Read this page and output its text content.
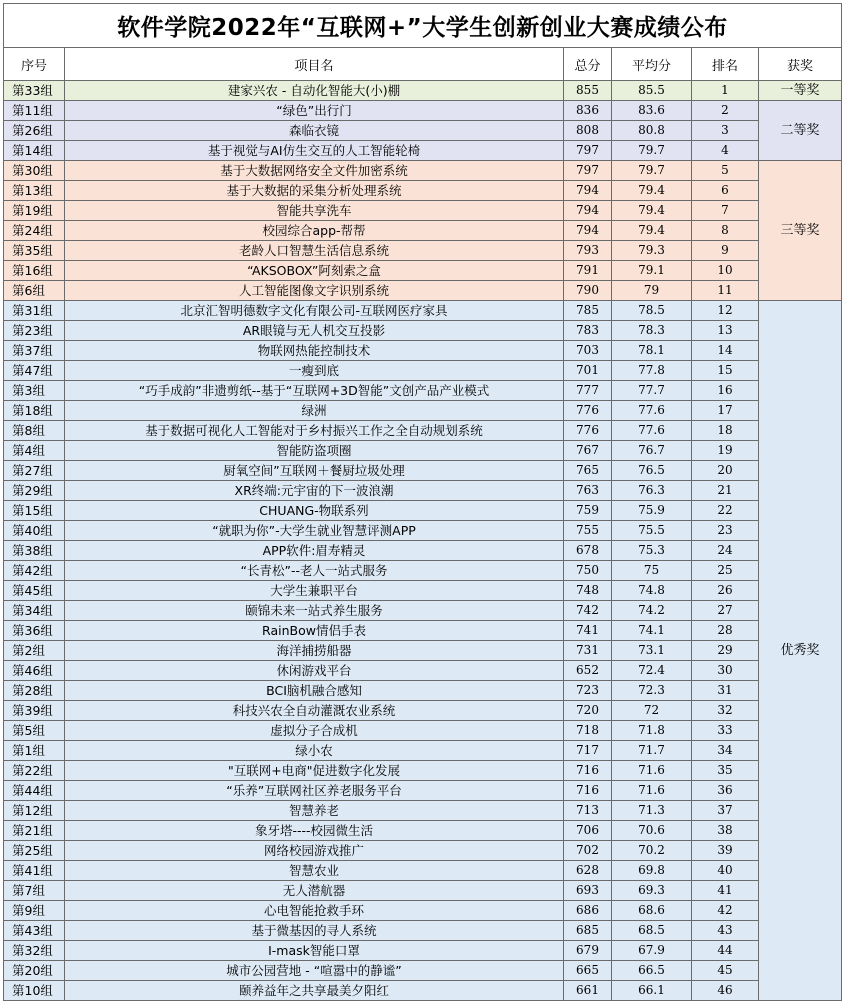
软件学院2022年“互联网+”大学生创新创业大赛成绩公布					
序号	项目名	总分	平均分	排名	获奖
第33组	建家兴农 - 自动化智能大(小)棚	855	85.5	1	一等奖
第11组	“绿色”出行门	836	83.6	2	二等奖
第26组	森临衣镜	808	80.8	3	
第14组	基于视觉与AI仿生交互的人工智能轮椅	797	79.7	4	
第30组	基于大数据网络安全文件加密系统	797	79.7	5	三等奖
第13组	基于大数据的采集分析处理系统	794	79.4	6	
第19组	智能共享洗车	794	79.4	7	
第24组	校园综合app-帮帮	794	79.4	8	
第35组	老龄人口智慧生活信息系统	793	79.3	9	
第16组	“AKSOBOX”阿刻索之盒	791	79.1	10	
第6组	人工智能图像文字识别系统	790	79	11	
第31组	北京汇智明德数字文化有限公司-互联网医疗家具	785	78.5	12	优秀奖
第23组	AR眼镜与无人机交互投影	783	78.3	13	
第37组	物联网热能控制技术	703	78.1	14	
第47组	一瘦到底	701	77.8	15	
第3组	“巧手成韵”非遗剪纸--基于“互联网+3D智能”文创产品产业模式	777	77.7	16	
第18组	绿洲	776	77.6	17	
第8组	基于数据可视化人工智能对于乡村振兴工作之全自动规划系统	776	77.6	18	
第4组	智能防盗项圈	767	76.7	19	
第27组	厨氧空间”互联网＋餐厨垃圾处理	765	76.5	20	
第29组	XR终端:元宇宙的下一波浪潮	763	76.3	21	
第15组	CHUANG-物联系列	759	75.9	22	
第40组	“就职为你”-大学生就业智慧评测APP	755	75.5	23	
第38组	APP软件:眉寿精灵	678	75.3	24	
第42组	“长青松”--老人一站式服务	750	75	25	
第45组	大学生兼职平台	748	74.8	26	
第34组	颐锦未来一站式养生服务	742	74.2	27	
第36组	RainBow情侣手表	741	74.1	28	
第2组	海洋捕捞船器	731	73.1	29	
第46组	休闲游戏平台	652	72.4	30	
第28组	BCI脑机融合感知	723	72.3	31	
第39组	科技兴农全自动灌溉农业系统	720	72	32	
第5组	虚拟分子合成机	718	71.8	33	
第1组	绿小农	717	71.7	34	
第22组	"互联网+电商"促进数字化发展	716	71.6	35	
第44组	“乐养”互联网社区养老服务平台	716	71.6	36	
第12组	智慧养老	713	71.3	37	
第21组	象牙塔----校园微生活	706	70.6	38	
第25组	网络校园游戏推广	702	70.2	39	
第41组	智慧农业	628	69.8	40	
第7组	无人潜航器	693	69.3	41	
第9组	心电智能抢救手环	686	68.6	42	
第43组	基于微基因的寻人系统	685	68.5	43	
第32组	I-mask智能口罩	679	67.9	44	
第20组	城市公园营地 - “喧嚣中的静谧”	665	66.5	45	
第10组	颐养益年之共享最美夕阳红	661	66.1	46	
